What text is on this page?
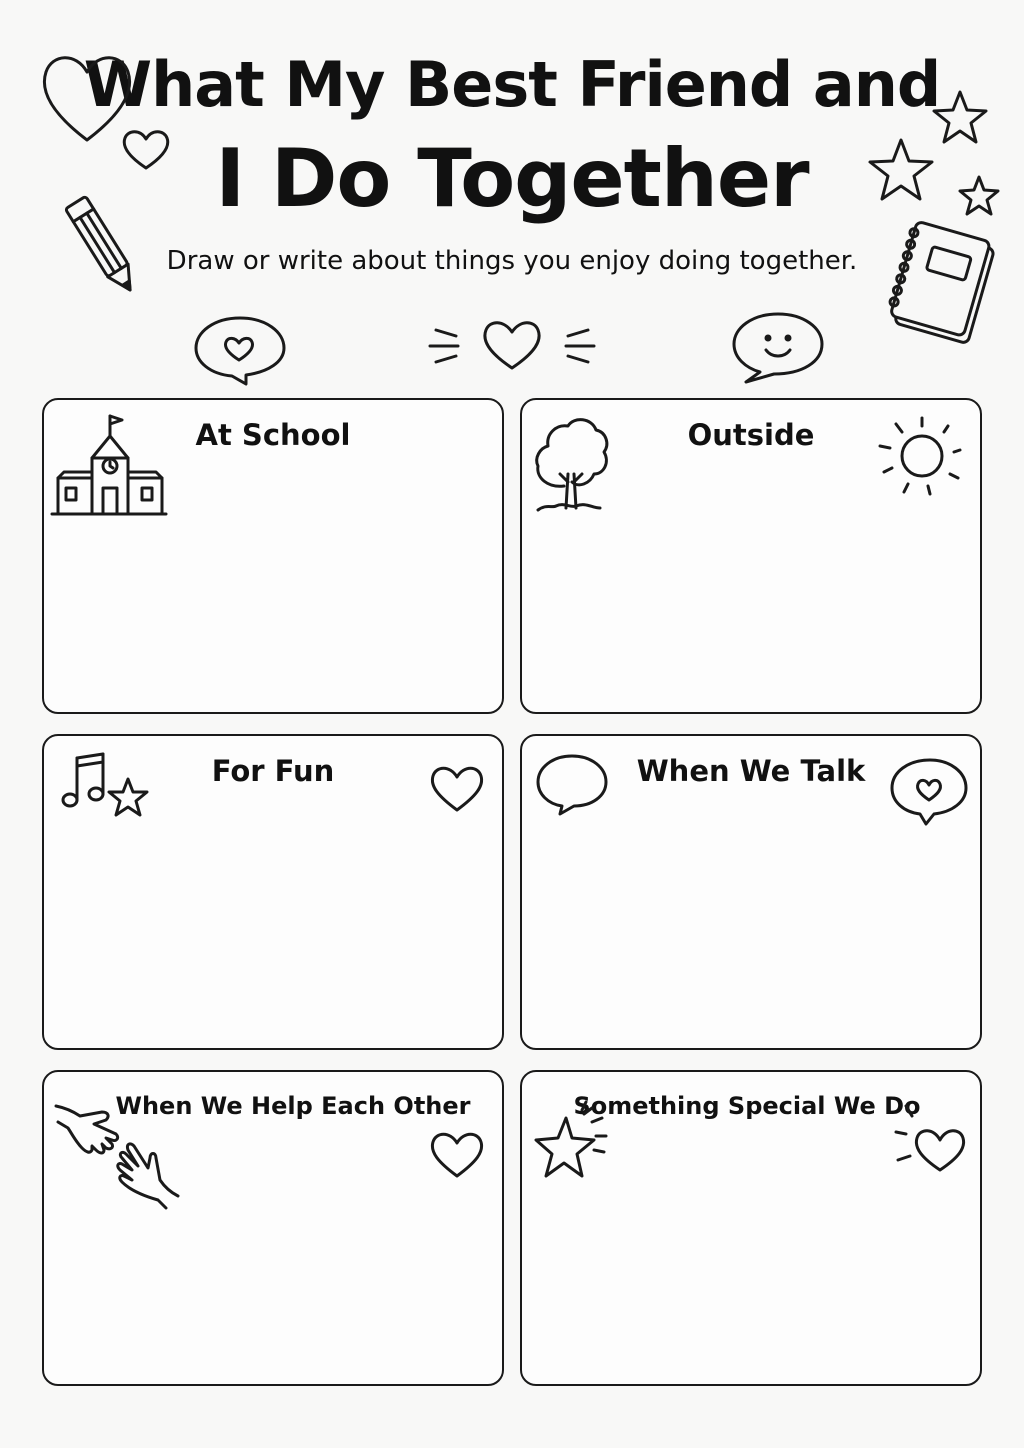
What My Best Friend and
I Do Together
Draw or write about things you enjoy doing together.
At School	Outside
For Fun	When We Talk
When We Help Each Other	Something Special We Do
